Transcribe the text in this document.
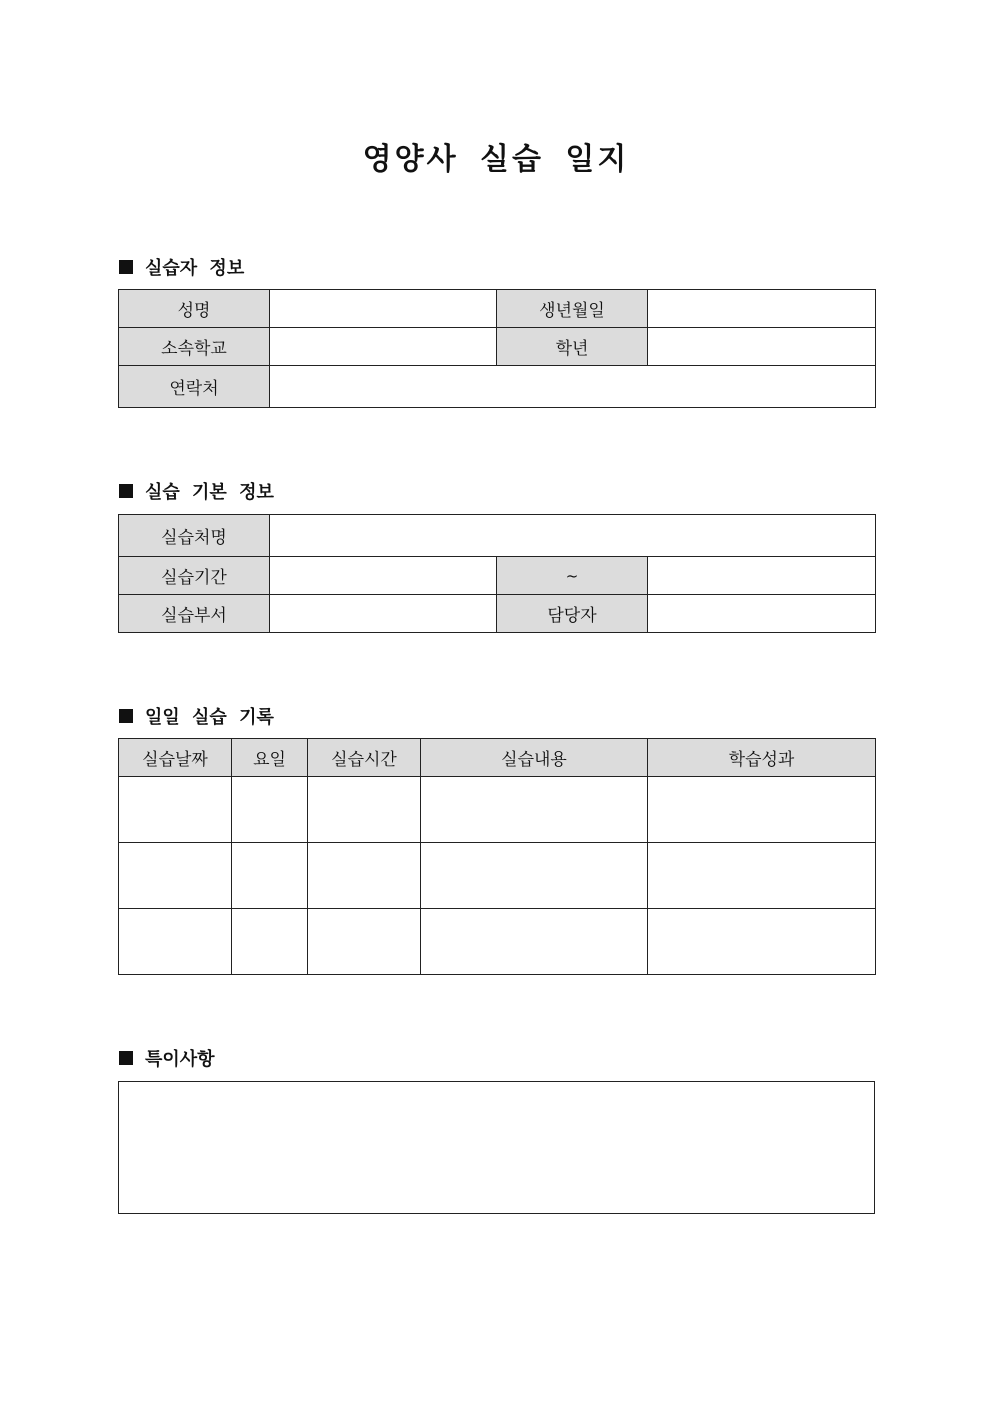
영양사 실습 일지
실습자 정보
성명		생년월일	
소속학교		학년	
연락처			
실습 기본 정보
실습처명			
실습기간		~	
실습부서		담당자	
일일 실습 기록
실습날짜	요일	실습시간	실습내용	학습성과

특이사항
